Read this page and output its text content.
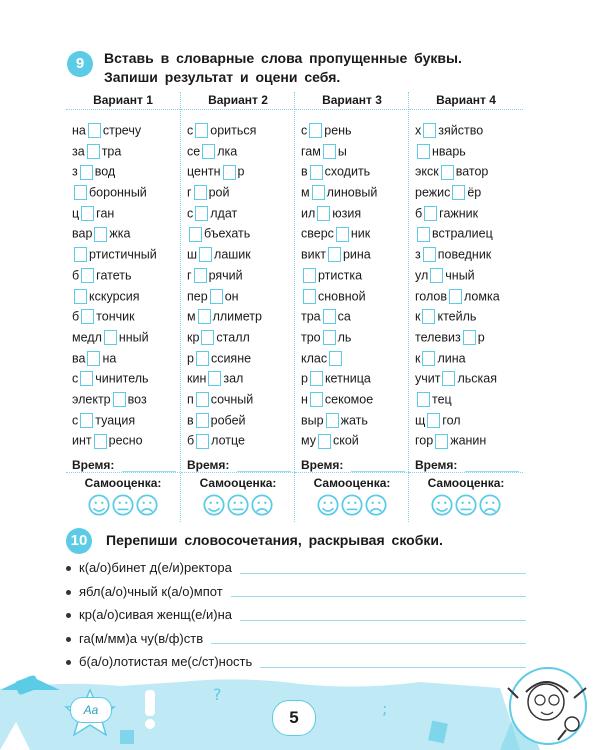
9	Вставь в словарные слова пропущенные буквы.
Запиши результат и оцени себя.
Вариант 1
на стречу
за тра
з вод
боронный
ц ган
вар жка
ртистичный
б гатеть
кскурсия
б тончик
медл нный
ва на
с чинитель
электр воз
с туация
инт ресно
Время:
Самооценка:
Вариант 2
с ориться
се лка
центн р
г рой
с лдат
бъехать
ш лашик
г рячий
пер он
м ллиметр
кр сталл
р ссияне
кин зал
п сочный
в робей
б лотце
Время:
Самооценка:
Вариант 3
с рень
гам ы
в сходить
м линовый
ил юзия
сверс ник
викт рина
ртистка
сновной
тра са
тро ль
клас
р кетница
н секомое
выр жать
му ской
Время:
Самооценка:
Вариант 4
х зяйство
нварь
экск ватор
режис ёр
б гажник
встралиец
з поведник
ул чный
голов ломка
к ктейль
телевиз р
к лина
учит льская
тец
щ гол
гор жанин
Время:
Самооценка:
10	Перепиши словосочетания, раскрывая скобки.
к(а/о)бинет д(е/и)ректора
ябл(а/о)чный к(а/о)мпот
кр(а/о)сивая женщ(е/и)на
га(м/мм)а чу(в/ф)ств
б(а/о)лотистая ме(с/ст)ность
?
;
Aa	5
